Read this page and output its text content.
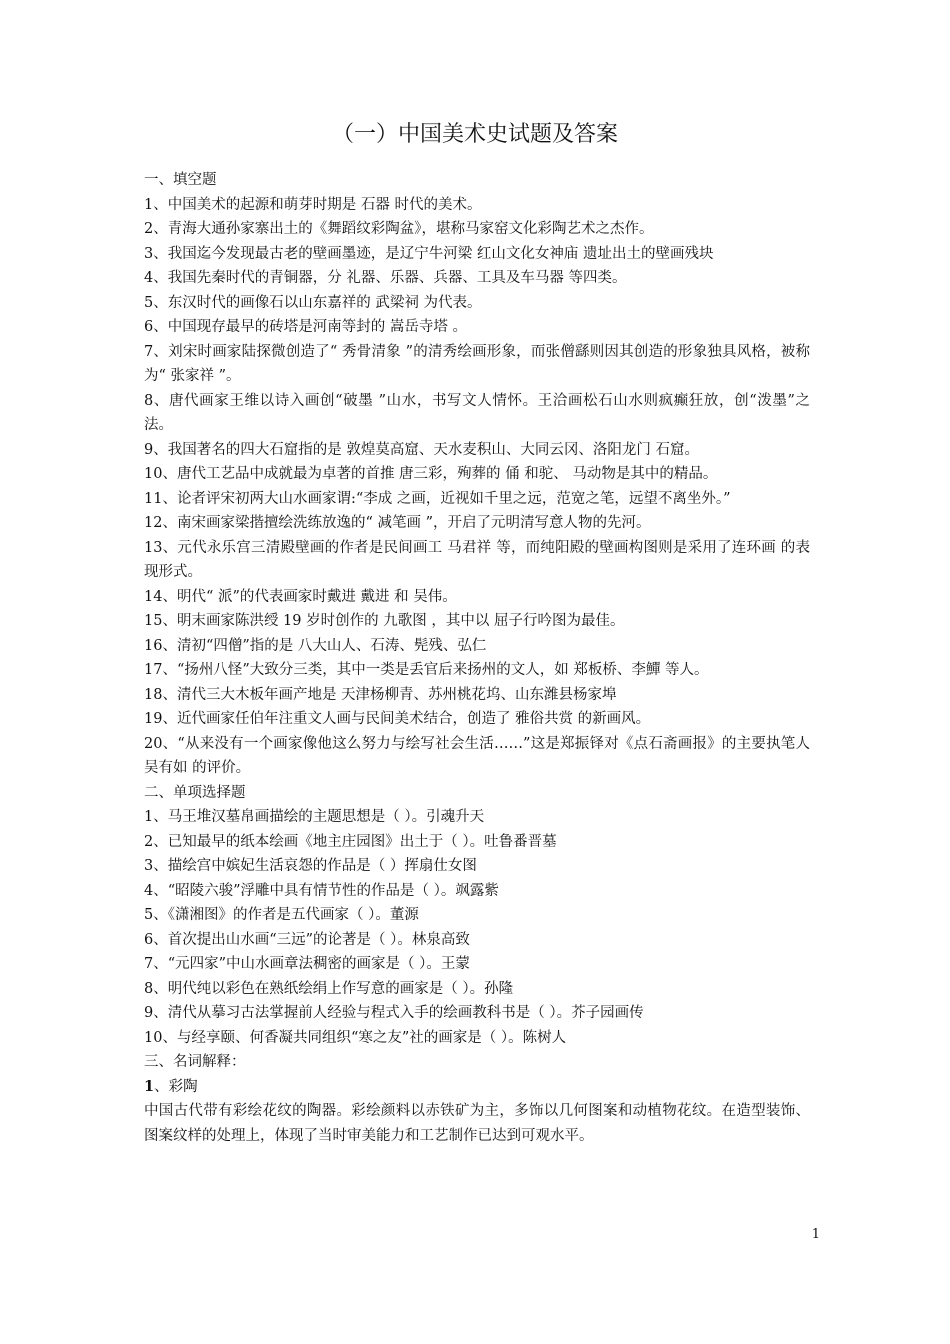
（一）中国美术史试题及答案

一、填空题

1、中国美术的起源和萌芽时期是 石器 时代的美术。

2、青海大通孙家寨出土的《舞蹈纹彩陶盆》，堪称马家窑文化彩陶艺术之杰作。

3、我国迄今发现最古老的壁画墨迹，是辽宁牛河梁 红山文化女神庙 遗址出土的壁画残块

4、我国先秦时代的青铜器，分 礼器、乐器、兵器、工具及车马器 等四类。

5、东汉时代的画像石以山东嘉祥的 武梁祠 为代表。

6、中国现存最早的砖塔是河南等封的 嵩岳寺塔 。

7、刘宋时画家陆探微创造了“ 秀骨清象 ”的清秀绘画形象，而张僧繇则因其创造的形象独具风格，被称为“ 张家祥 ”。

8、唐代画家王维以诗入画创“破墨 ”山水，书写文人情怀。王洽画松石山水则疯癫狂放，创“泼墨”之法。

9、我国著名的四大石窟指的是 敦煌莫高窟、天水麦积山、大同云冈、洛阳龙门 石窟。

10、唐代工艺品中成就最为卓著的首推 唐三彩，殉葬的 俑 和驼、 马动物是其中的精品。

11、论者评宋初两大山水画家谓:“李成 之画，近视如千里之远，范宽之笔，远望不离坐外。”

12、南宋画家梁揩擅绘洗练放逸的“ 减笔画 ”，开启了元明清写意人物的先河。

13、元代永乐宫三清殿壁画的作者是民间画工 马君祥 等，而纯阳殿的壁画构图则是采用了连环画 的表现形式。

14、明代“ 派”的代表画家时戴进 戴进 和 吴伟。

15、明末画家陈洪绶 19 岁时创作的 九歌图 ，其中以 屈子行吟图为最佳。

16、清初“四僧”指的是 八大山人、石涛、髡残、弘仁

17、“扬州八怪”大致分三类，其中一类是丢官后来扬州的文人，如 郑板桥、李鱓 等人。

18、清代三大木板年画产地是 天津杨柳青、苏州桃花坞、山东潍县杨家埠

19、近代画家任伯年注重文人画与民间美术结合，创造了 雅俗共赏 的新画风。

20、“从来没有一个画家像他这么努力与绘写社会生活……”这是郑振铎对《点石斋画报》的主要执笔人 吴有如 的评价。

二、单项选择题

1、马王堆汉墓帛画描绘的主题思想是（ ）。引魂升天

2、已知最早的纸本绘画《地主庄园图》出土于（ ）。吐鲁番晋墓

3、描绘宫中嫔妃生活哀怨的作品是（ ）挥扇仕女图

4、“昭陵六骏”浮雕中具有情节性的作品是（ ）。飒露紫

5、《潇湘图》的作者是五代画家（ ）。董源

6、首次提出山水画“三远”的论著是（ ）。林泉高致

7、“元四家”中山水画章法稠密的画家是（ ）。王蒙

8、明代纯以彩色在熟纸绘绢上作写意的画家是（ ）。孙隆

9、清代从摹习古法掌握前人经验与程式入手的绘画教科书是（ ）。芥子园画传

10、与经享颐、何香凝共同组织“寒之友”社的画家是（ ）。陈树人

三、名词解释：

1、彩陶

中国古代带有彩绘花纹的陶器。彩绘颜料以赤铁矿为主，多饰以几何图案和动植物花纹。在造型装饰、图案纹样的处理上，体现了当时审美能力和工艺制作已达到可观水平。

1
